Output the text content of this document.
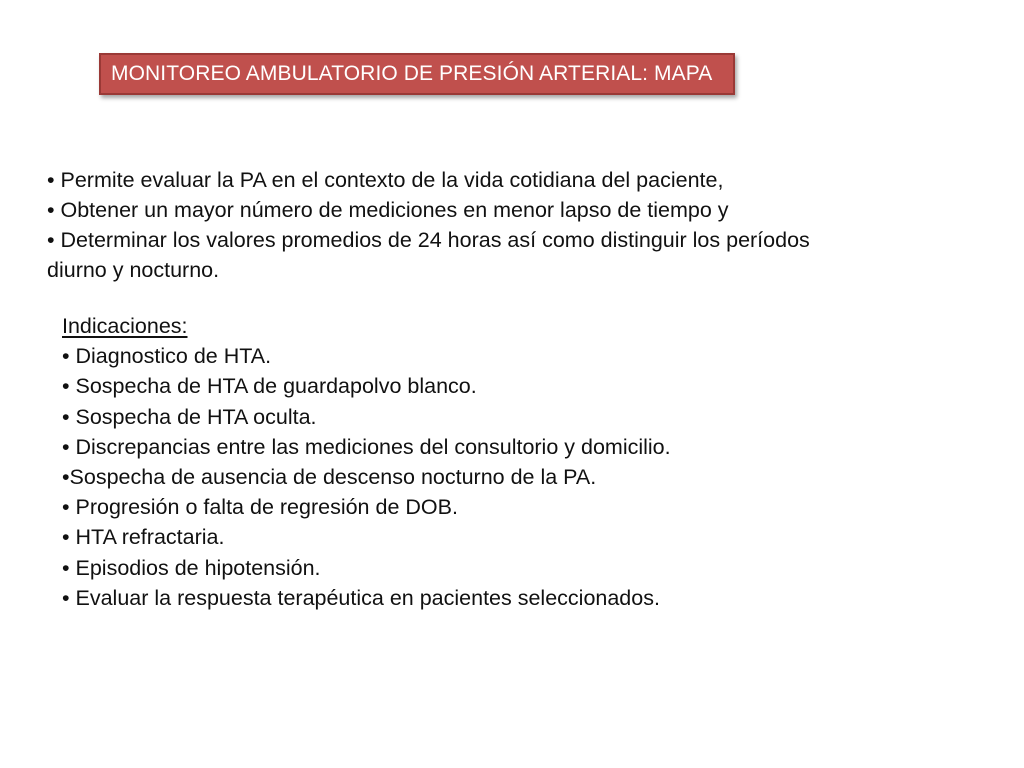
MONITOREO AMBULATORIO DE PRESIÓN ARTERIAL: MAPA
• Permite evaluar la PA en el contexto de la vida cotidiana del paciente,
• Obtener un mayor número de mediciones en menor lapso de tiempo y
• Determinar los valores promedios de 24 horas así como distinguir los períodos
diurno y nocturno.
Indicaciones:
• Diagnostico de HTA.
• Sospecha de HTA de guardapolvo blanco.
• Sospecha de HTA oculta.
• Discrepancias entre las mediciones del consultorio y domicilio.
•Sospecha de ausencia de descenso nocturno de la PA.
• Progresión o falta de regresión de DOB.
• HTA refractaria.
• Episodios de hipotensión.
• Evaluar la respuesta terapéutica en pacientes seleccionados.
